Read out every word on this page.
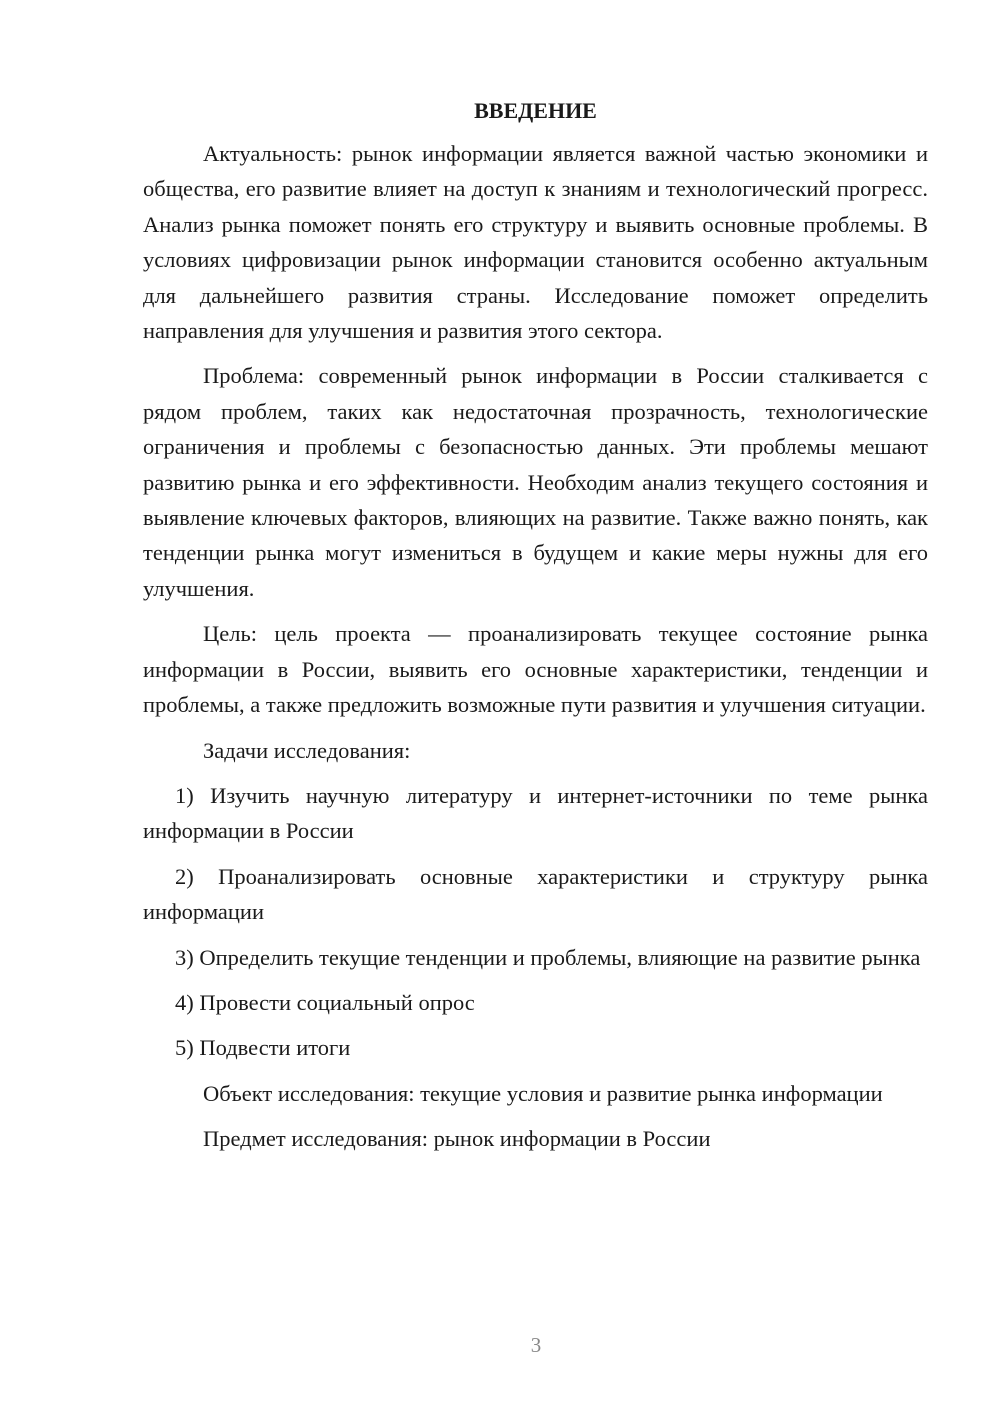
ВВЕДЕНИЕ

Актуальность: рынок информации является важной частью экономики и общества, его развитие влияет на доступ к знаниям и технологический прогресс. Анализ рынка поможет понять его структуру и выявить основные проблемы. В условиях цифровизации рынок информации становится особенно актуальным для дальнейшего развития страны. Исследование поможет определить направления для улучшения и развития этого сектора.

Проблема: современный рынок информации в России сталкивается с рядом проблем, таких как недостаточная прозрачность, технологические ограничения и проблемы с безопасностью данных. Эти проблемы мешают развитию рынка и его эффективности. Необходим анализ текущего состояния и выявление ключевых факторов, влияющих на развитие. Также важно понять, как тенденции рынка могут измениться в будущем и какие меры нужны для его улучшения.

Цель: цель проекта — проанализировать текущее состояние рынка информации в России, выявить его основные характеристики, тенденции и проблемы, а также предложить возможные пути развития и улучшения ситуации.

Задачи исследования:

1) Изучить научную литературу и интернет-источники по теме рынка информации в России

2) Проанализировать основные характеристики и структуру рынка информации

3) Определить текущие тенденции и проблемы, влияющие на развитие рынка

4) Провести социальный опрос

5) Подвести итоги

Объект исследования: текущие условия и развитие рынка информации

Предмет исследования: рынок информации в России

3
